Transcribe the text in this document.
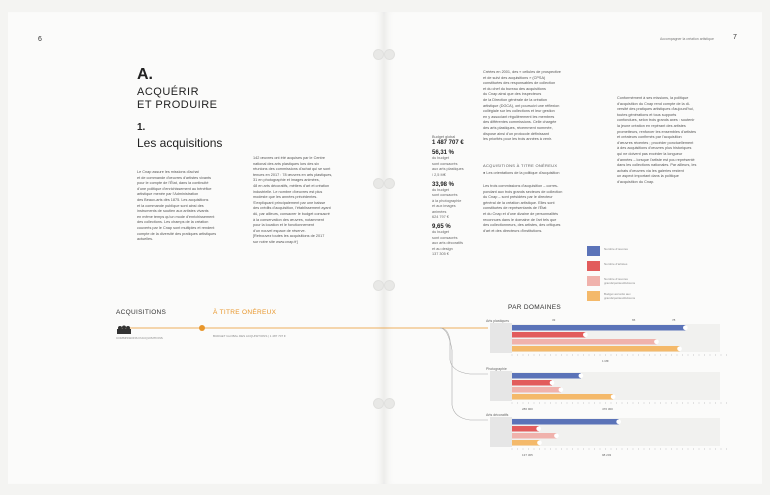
6	7

Accompagner la création artistique

A.

ACQUÉRIR
ET PRODUIRE

1.

Les acquisitions

Le Cnap assure les missions d'achat
et de commande d'œuvres d'artistes vivants
pour le compte de l'État, dans la continuité
d'une politique d'enrichissement au bénéfice
artistique menée par l'Administration
des Beaux-arts dès 1875. Les acquisitions
et la commande publique sont ainsi des
instruments de soutien aux artistes vivants
en même temps qu'un mode d'enrichissement
des collections. Les champs de la création
couverts par le Cnap sont multiples et rendent
compte de la diversité des pratiques artistiques
actuelles.
142 œuvres ont été acquises par le Centre
national des arts plastiques lors des six
réunions des commissions d'achat qui se sont
tenues en 2017 : 78 œuvres en arts plastiques,
31 en photographie et images animées,
48 en arts décoratifs, métiers d'art et création
industrielle. Le nombre d'œuvres est plus
modeste que les années précédentes.
S'expliquant principalement par une baisse
des crédits d'acquisition, l'établissement ayant
dû, par ailleurs, consacrer le budget consacré
à la conservation des œuvres, notamment
pour la location et le fonctionnement
d'un nouvel espace de réserve.
[Retrouvez toutes les acquisitions de 2017
sur notre site www.cnap.fr]
Budget global
1 487 707 €
56,31 %
du budget
sont consacrés
aux arts plastiques
/ 2,5 M€
33,98 %
du budget
sont consacrés
à la photographie
et aux images
animées
624 797 €
9,65 %
du budget
sont consacrés
aux arts décoratifs
et au design
137 305 €
Créées en 2001, des « cellules de prospective
et de suivi des acquisitions » (CPSA)
constituées des responsables de collection
et du chef du bureau des acquisitions
du Cnap ainsi que des inspecteurs
de la Direction générale de la création
artistique (DGCA), ont poursuivi une réflexion
collégiale sur les collections et leur gestion
en y associant régulièrement les membres
des différentes commissions. Celle chargée
des arts plastiques, récemment nommée,
dispose ainsi d'un protocole définissant
les priorités pour les trois années à venir.

ACQUISITIONS À TITRE ONÉREUX

● Les orientations de la politique d'acquisition
Les trois commissions d'acquisition – corres-
pondant aux trois grands secteurs de collection
du Cnap – sont présidées par le directeur
général de la création artistique. Elles sont
constituées de représentants de l'État
et du Cnap et d'une dizaine de personnalités
reconnues dans le domaine de l'art tels que
des collectionneurs, des artistes, des critiques
d'art et des directeurs d'institutions.
Conformément à ses missions, la politique
d'acquisition du Cnap rend compte de la di-
versité des pratiques artistiques d'aujourd'hui,
toutes générations et tous supports
confondues, selon trois grands axes : soutenir
la jeune création en repérant des artistes
prometteurs, renforcer les ensembles d'artistes
et créateurs confirmés par l'acquisition
d'œuvres récentes ; procéder ponctuellement
à des acquisitions d'œuvres plus historiques
qui ne doivent pas excéder la longueur
d'années – lorsque l'artiste est pou représenté
dans les collections nationales. Par ailleurs, les
achats d'œuvres via les galeries restent
un aspect important dans la politique
d'acquisition du Cnap.
Nombre d'œuvres
Nombre d'artistes
Nombre d'œuvres grands/petites/divisions
Budget accordé aux grands/petites/divisions
ACQUISITIONS

COMMISSIONS D'ACQUISITIONS

À TITRE ONÉREUX

BUDGET GLOBAL DES ACQUISITIONS | 1 487 707 €

PAR DOMAINES

Arts plastiques	33	65	78
1 M€
Photographie
286 900	476 300
Arts décoratifs
137 305	98 203
